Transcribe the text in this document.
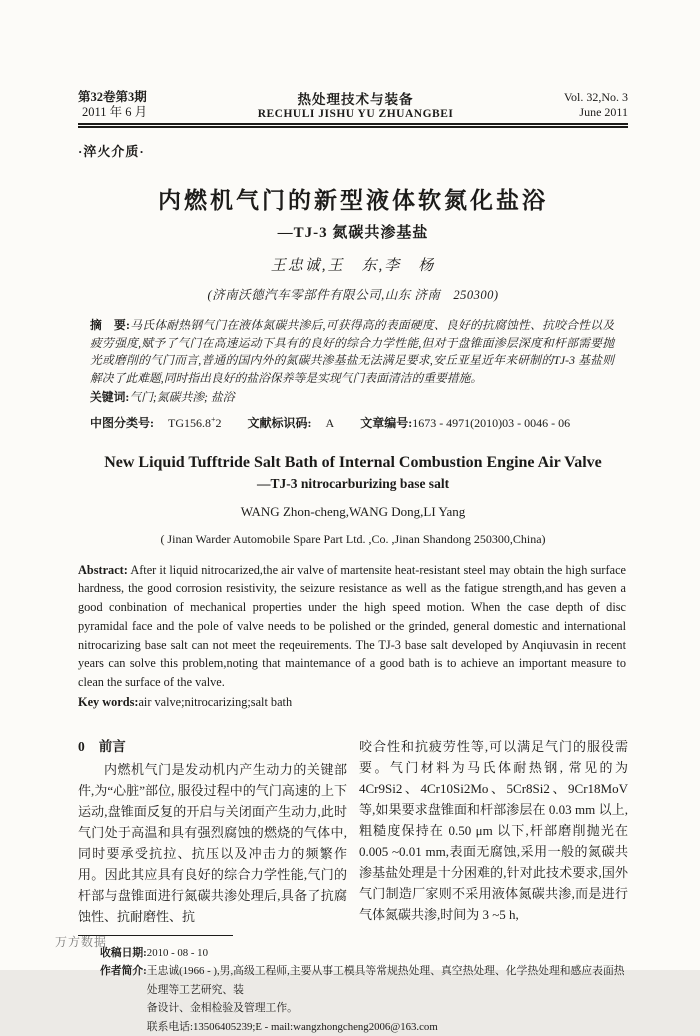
第32卷第3期
2011 年 6 月
热处理技术与装备
RECHULI JISHU YU ZHUANGBEI
Vol. 32,No. 3
June 2011
·淬火介质·
内燃机气门的新型液体软氮化盐浴
—TJ-3 氮碳共渗基盐
王忠诚,王　东,李　杨
(济南沃德汽车零部件有限公司,山东 济南　250300)
摘　要:马氏体耐热钢气门在液体氮碳共渗后,可获得高的表面硬度、良好的抗腐蚀性、抗咬合性以及疲劳强度,赋予了气门在高速运动下具有的良好的综合力学性能,但对于盘锥面渗层深度和杆部需要抛光或磨削的气门而言,普通的国内外的氮碳共渗基盐无法满足要求,安丘亚星近年来研制的TJ-3 基盐则解决了此难题,同时指出良好的盐浴保养等是实现气门表面清洁的重要措施。
关键词:气门;氮碳共渗; 盐浴
中图分类号: TG156.8+2 文献标识码: A 文章编号:1673 - 4971(2010)03 - 0046 - 06
New Liquid Tufftride Salt Bath of Internal Combustion Engine Air Valve
—TJ-3 nitrocarburizing base salt
WANG Zhon-cheng,WANG Dong,LI Yang
( Jinan Warder Automobile Spare Part Ltd. ,Co. ,Jinan Shandong 250300,China)
Abstract: After it liquid nitrocarized,the air valve of martensite heat-resistant steel may obtain the high surface hardness, the good corrosion resistivity, the seizure resistance as well as the fatigue strength,and has geven a good conbination of mechanical properties under the high speed motion. When the case depth of disc pyramidal face and the pole of valve needs to be polished or the grinded, general domestic and international nitrocarizing base salt can not meet the reqeuirements. The TJ-3 base salt developed by Anqiuvasin in recent years can solve this problem,noting that maintemance of a good bath is to achieve an important measure to clean the surface of the valve.
Key words:air valve;nitrocarizing;salt bath
0 前言
内燃机气门是发动机内产生动力的关键部件,为“心脏”部位, 服役过程中的气门高速的上下运动,盘锥面反复的开启与关闭面产生动力,此时气门处于高温和具有强烈腐蚀的燃烧的气体中,同时要承受抗拉、抗压以及冲击力的频繁作用。因此其应具有良好的综合力学性能,气门的杆部与盘锥面进行氮碳共渗处理后,具备了抗腐蚀性、抗耐磨性、抗
咬合性和抗疲劳性等,可以满足气门的服役需要。气门材料为马氏体耐热钢, 常见的为 4Cr9Si2、4Cr10Si2Mo、5Cr8Si2、9Cr18MoV 等,如果要求盘锥面和杆部渗层在 0.03 mm 以上,粗糙度保持在 0.50 μm 以下,杆部磨削抛光在 0.005 ~0.01 mm,表面无腐蚀,采用一般的氮碳共渗基盐处理是十分困难的,针对此技术要求,国外气门制造厂家则不采用液体氮碳共渗,而是进行气体氮碳共渗,时间为 3 ~5 h,
收稿日期:2010 - 08 - 10
作者简介: 王忠诚(1966 - ),男,高级工程师,主要从事工模具等常规热处理、真空热处理、化学热处理和感应表面热处理等工艺研究、装
备设计、金相检验及管理工作。
联系电话:13506405239;E - mail:wangzhongcheng2006@163.com
万方数据
